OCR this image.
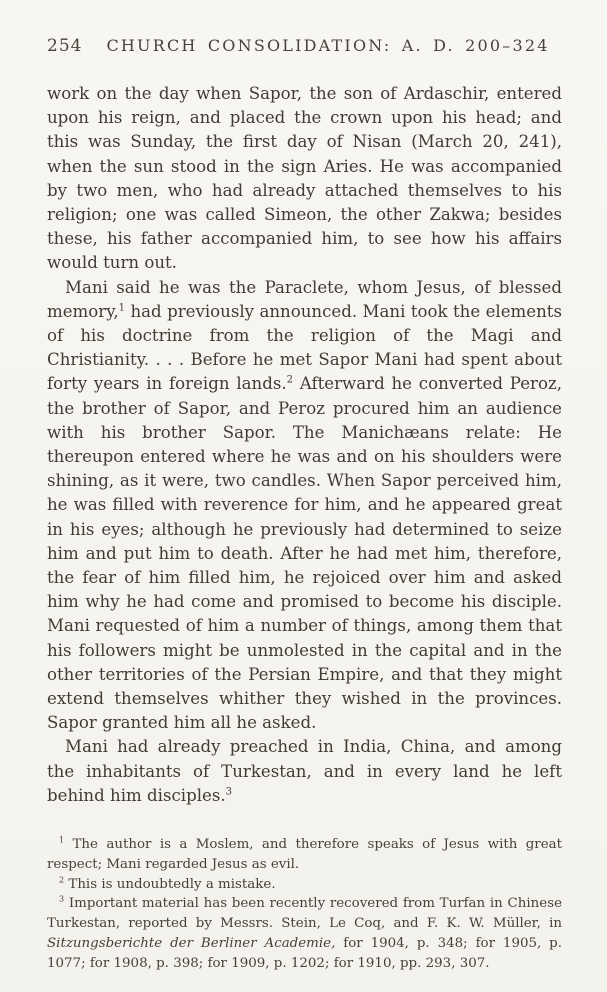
254 CHURCH CONSOLIDATION: A. D. 200–324

work on the day when Sapor, the son of Ardaschir, entered upon his reign, and placed the crown upon his head; and this was Sunday, the first day of Nisan (March 20, 241), when the sun stood in the sign Aries. He was accompanied by two men, who had already attached themselves to his religion; one was called Simeon, the other Zakwa; besides these, his father accompanied him, to see how his affairs would turn out.

Mani said he was the Paraclete, whom Jesus, of blessed memory,$^1$ had previously announced. Mani took the elements of his doctrine from the religion of the Magi and Christianity. . . . Before he met Sapor Mani had spent about forty years in foreign lands.$^2$ Afterward he converted Peroz, the brother of Sapor, and Peroz procured him an audience with his brother Sapor. The Manichæans relate: He thereupon entered where he was and on his shoulders were shining, as it were, two candles. When Sapor perceived him, he was filled with reverence for him, and he appeared great in his eyes; although he previously had determined to seize him and put him to death. After he had met him, therefore, the fear of him filled him, he rejoiced over him and asked him why he had come and promised to become his disciple. Mani requested of him a number of things, among them that his followers might be unmolested in the capital and in the other territories of the Persian Empire, and that they might extend themselves whither they wished in the provinces. Sapor granted him all he asked.

Mani had already preached in India, China, and among the inhabitants of Turkestan, and in every land he left behind him disciples.$^3$

$^1$ The author is a Moslem, and therefore speaks of Jesus with great respect; Mani regarded Jesus as evil.

$^2$ This is undoubtedly a mistake.

$^3$ Important material has been recently recovered from Turfan in Chinese Turkestan, reported by Messrs. Stein, Le Coq, and F. K. W. Müller, in Sitzungsberichte der Berliner Academie, for 1904, p. 348; for 1905, p. 1077; for 1908, p. 398; for 1909, p. 1202; for 1910, pp. 293, 307.
